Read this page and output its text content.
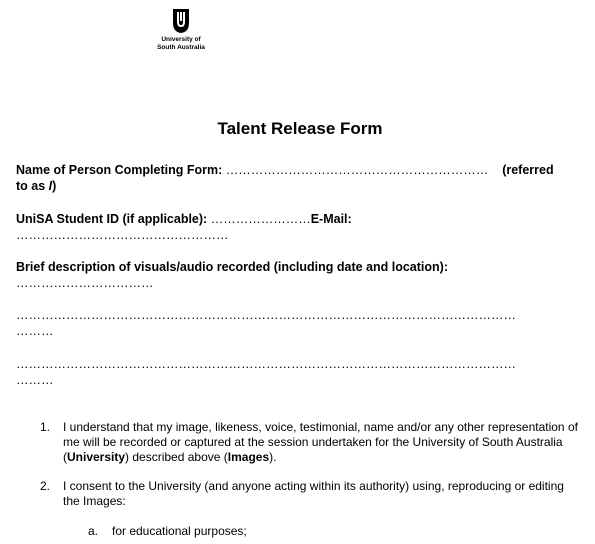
University of
South Australia
Talent Release Form
Name of Person Completing Form: ……………………………………………………… (referred
to as I)
UniSA Student ID (if applicable): ……………………E-Mail:
……………………………………………
Brief description of visuals/audio recorded (including date and location):
……………………………
…………………………………………………………………………………………………………
………
…………………………………………………………………………………………………………
………
1. I understand that my image, likeness, voice, testimonial, name and/or any other representation of me will be recorded or captured at the session undertaken for the University of South Australia (University) described above (Images).
2. I consent to the University (and anyone acting within its authority) using, reproducing or editing the Images:
a. for educational purposes;
